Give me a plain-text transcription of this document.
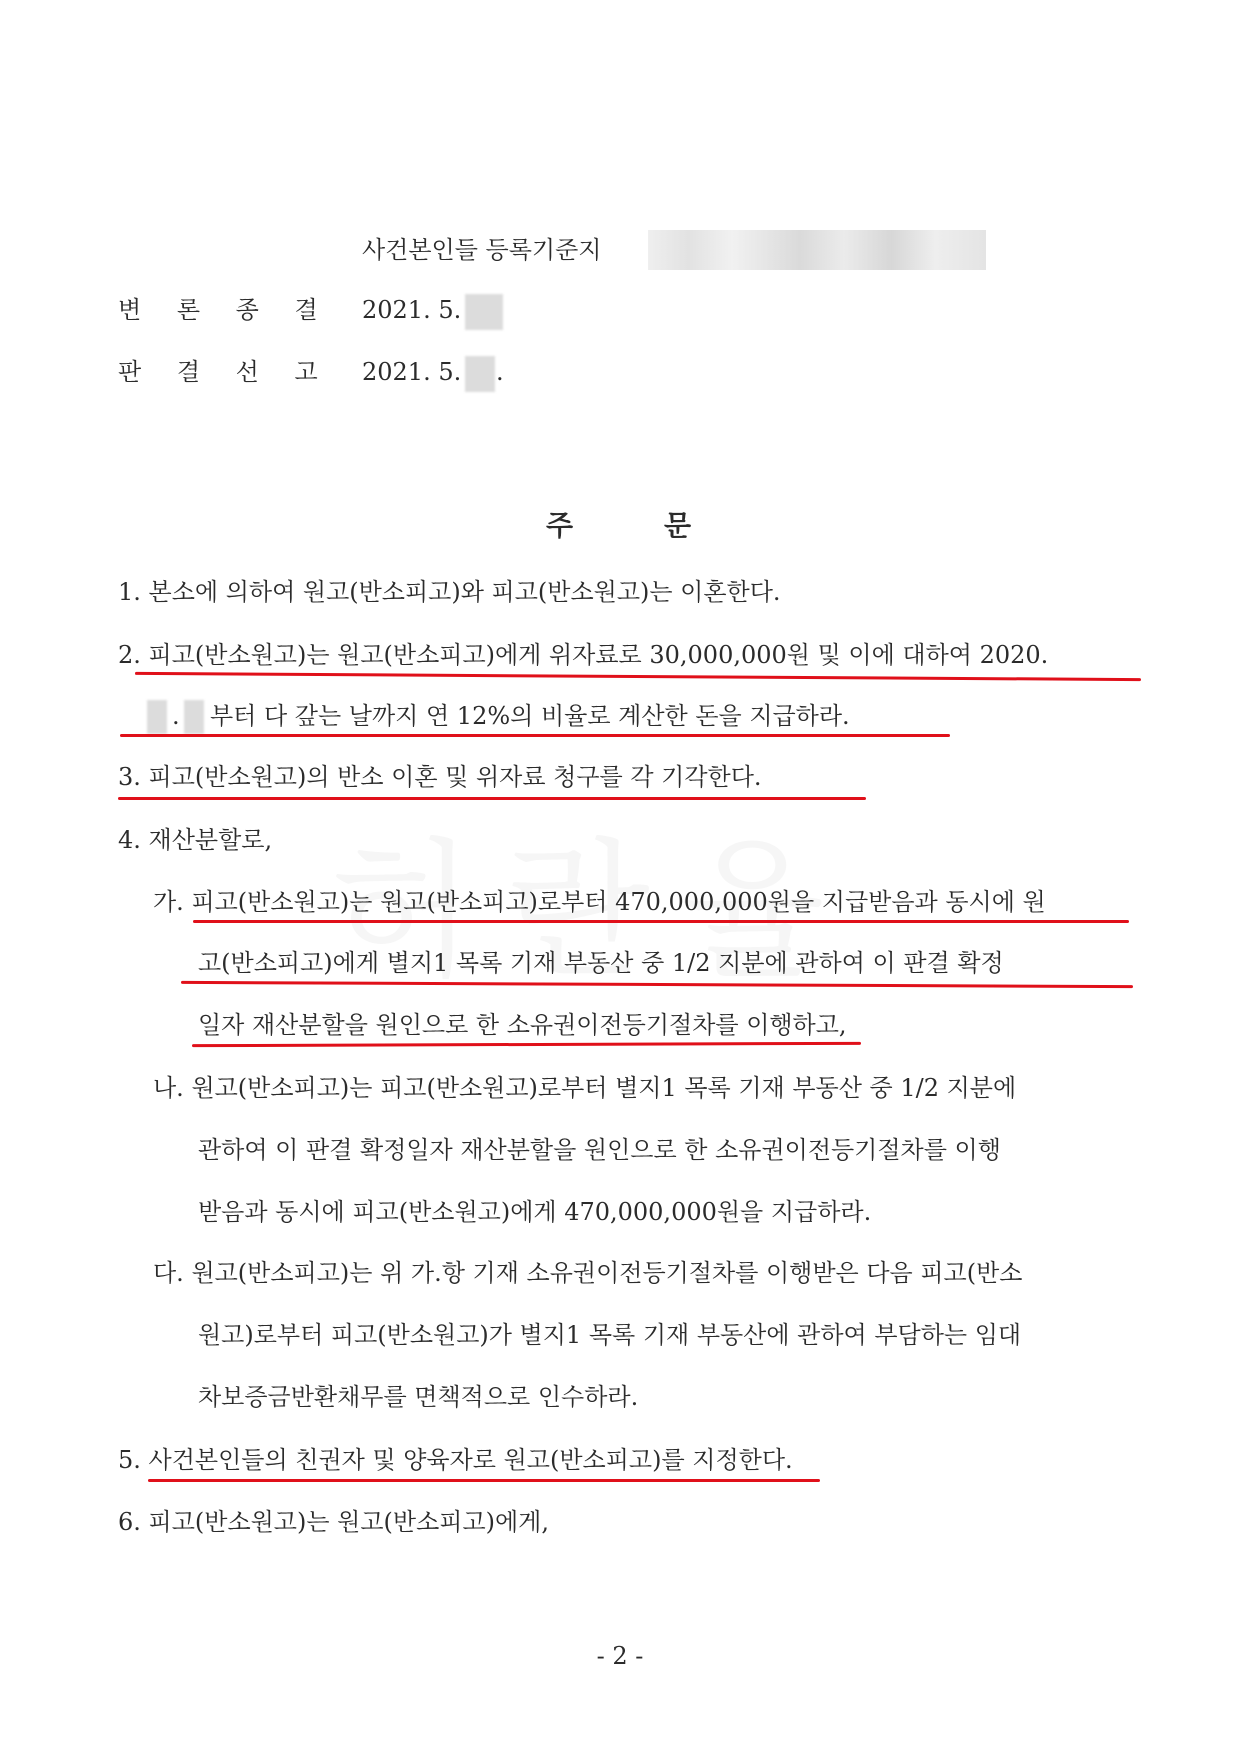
사건본인들 등록기준지
변 론 종 결 2021. 5.
판 결 선 고 2021. 5. .
주	문
1. 본소에 의하여 원고(반소피고)와 피고(반소원고)는 이혼한다.
2. 피고(반소원고)는 원고(반소피고)에게 위자료로 30,000,000원 및 이에 대하여 2020.
. 부터 다 갚는 날까지 연 12%의 비율로 계산한 돈을 지급하라.
3. 피고(반소원고)의 반소 이혼 및 위자료 청구를 각 기각한다.
4. 재산분할로,
가. 피고(반소원고)는 원고(반소피고)로부터 470,000,000원을 지급받음과 동시에 원
고(반소피고)에게 별지1 목록 기재 부동산 중 1/2 지분에 관하여 이 판결 확정
일자 재산분할을 원인으로 한 소유권이전등기절차를 이행하고,
나. 원고(반소피고)는 피고(반소원고)로부터 별지1 목록 기재 부동산 중 1/2 지분에
관하여 이 판결 확정일자 재산분할을 원인으로 한 소유권이전등기절차를 이행
받음과 동시에 피고(반소원고)에게 470,000,000원을 지급하라.
다. 원고(반소피고)는 위 가.항 기재 소유권이전등기절차를 이행받은 다음 피고(반소
원고)로부터 피고(반소원고)가 별지1 목록 기재 부동산에 관하여 부담하는 임대
차보증금반환채무를 면책적으로 인수하라.
5. 사건본인들의 친권자 및 양육자로 원고(반소피고)를 지정한다.
6. 피고(반소원고)는 원고(반소피고)에게,
- 2 -
